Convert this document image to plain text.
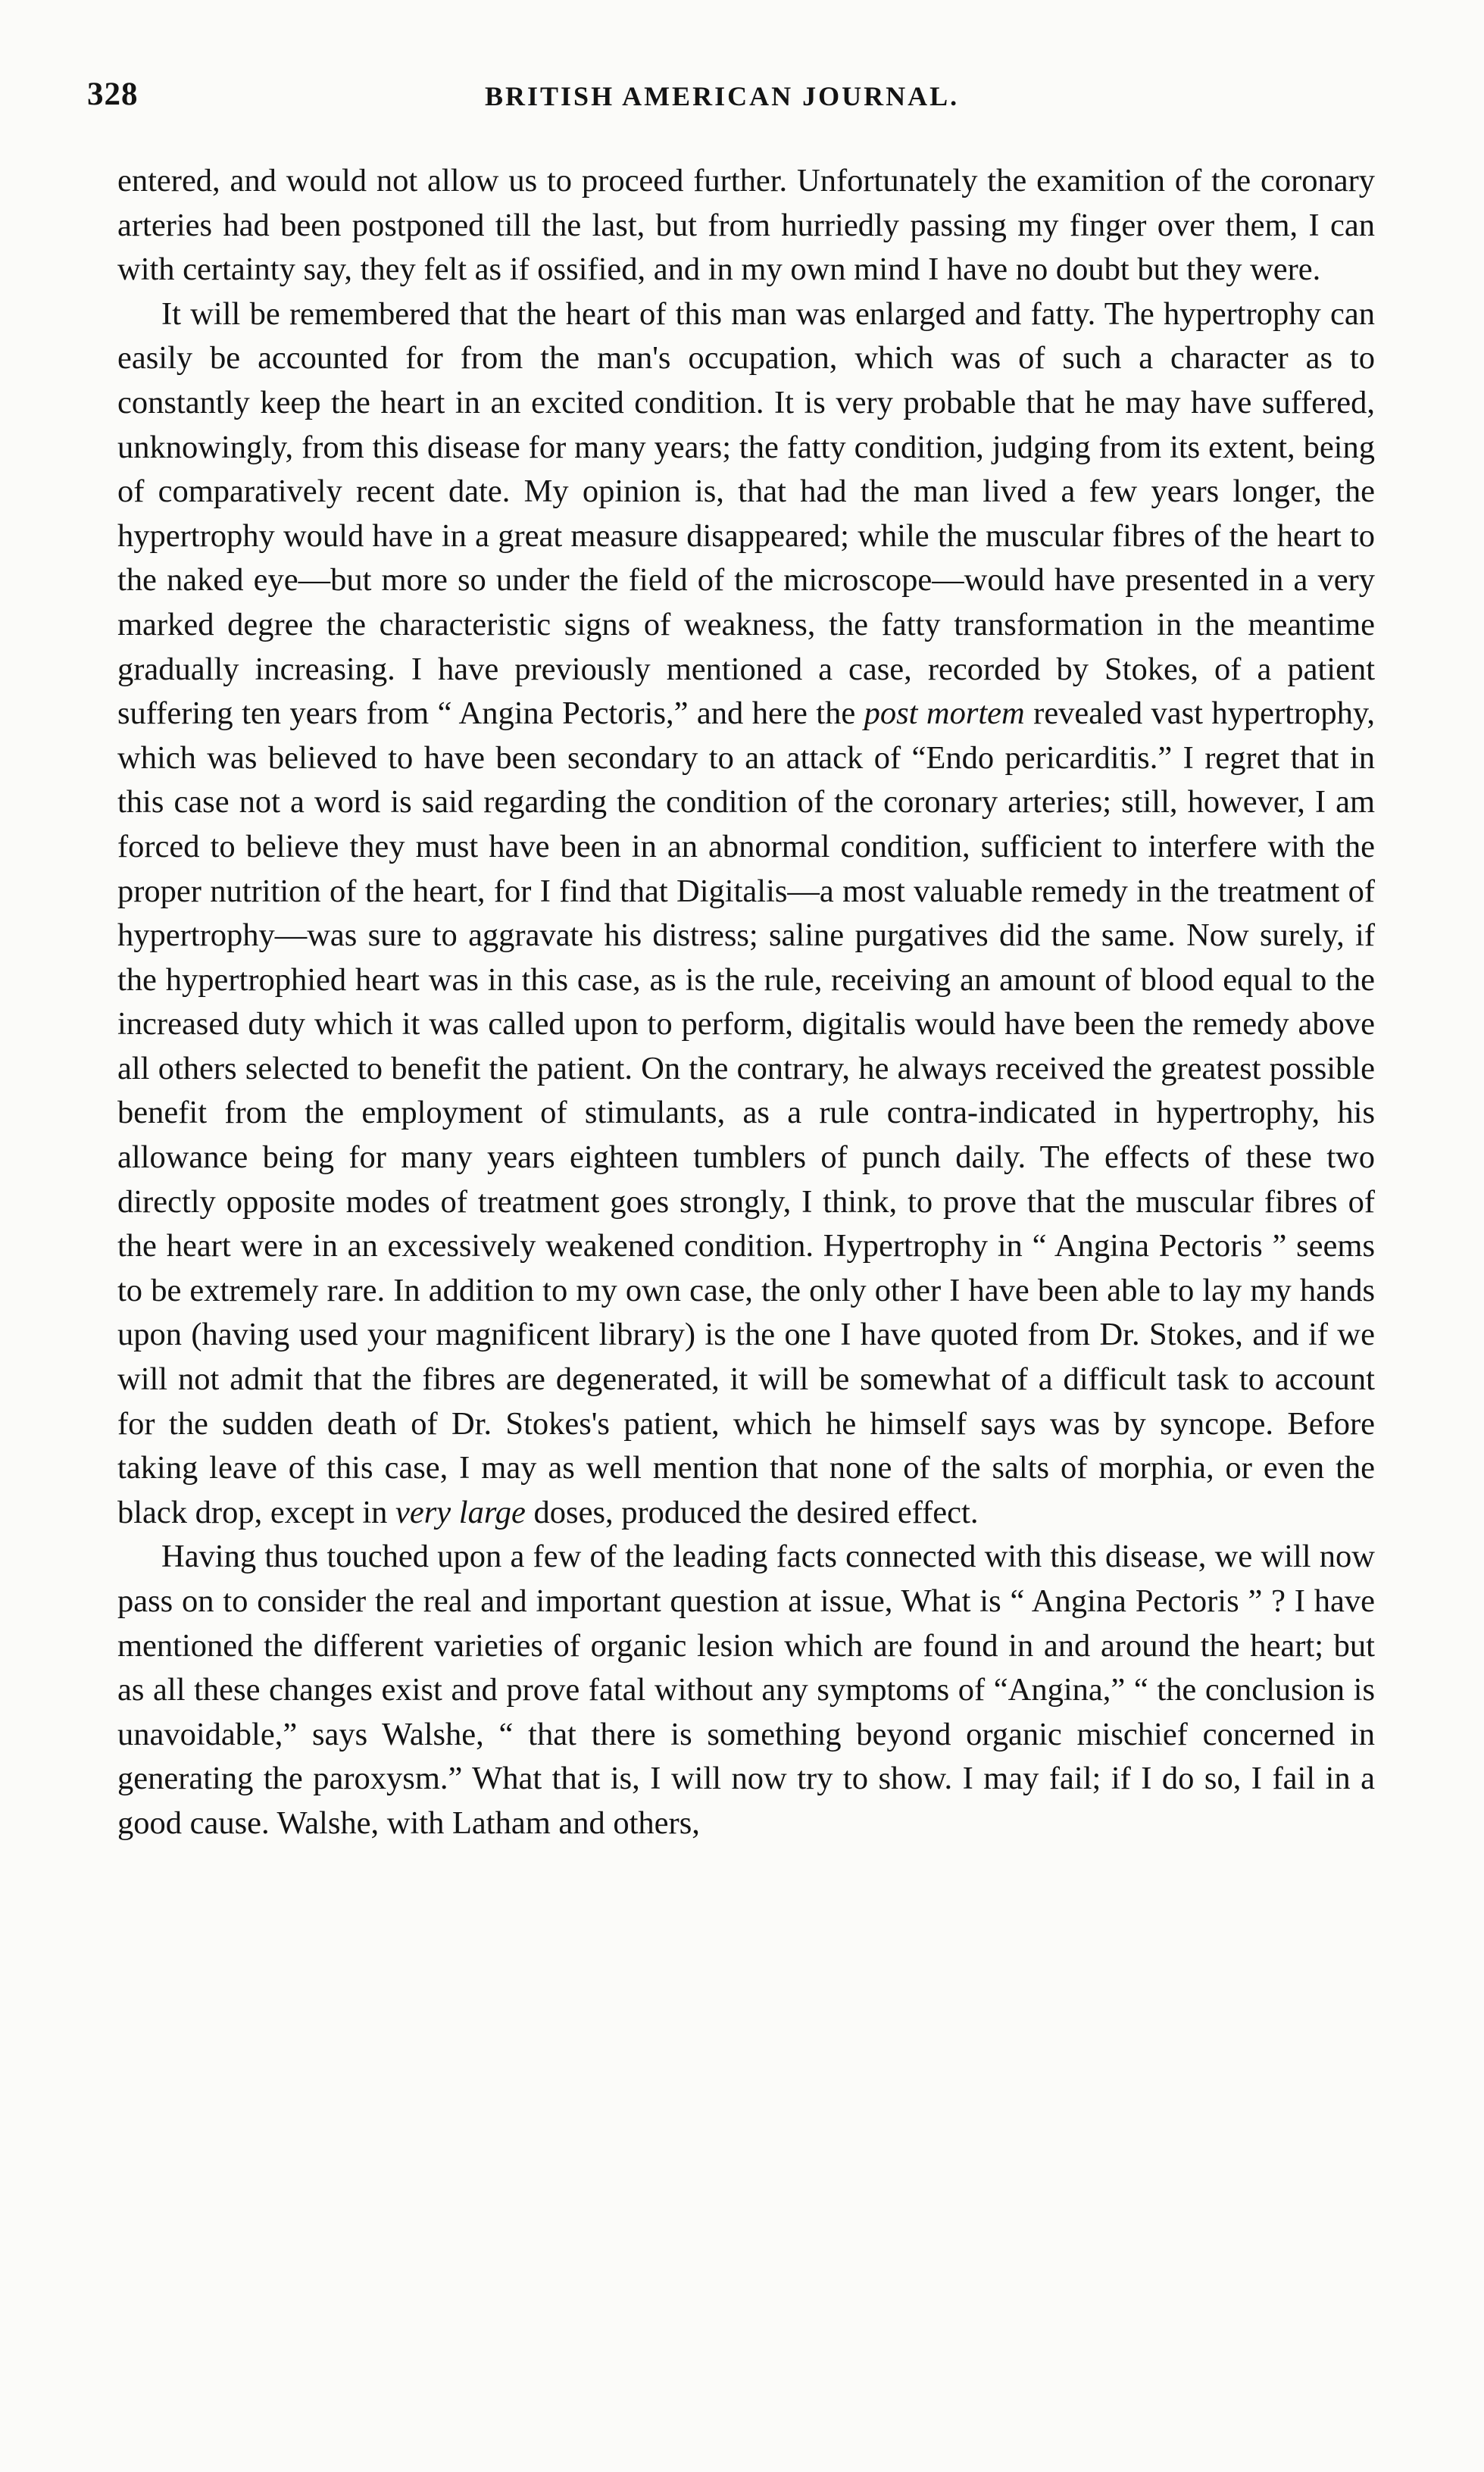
328	BRITISH AMERICAN JOURNAL.

entered, and would not allow us to proceed further. Unfortunately the examition of the coronary arteries had been postponed till the last, but from hurriedly passing my finger over them, I can with certainty say, they felt as if ossified, and in my own mind I have no doubt but they were.

It will be remembered that the heart of this man was enlarged and fatty. The hypertrophy can easily be accounted for from the man's occupation, which was of such a character as to constantly keep the heart in an excited condition. It is very probable that he may have suffered, unknowingly, from this disease for many years; the fatty condition, judging from its extent, being of comparatively recent date. My opinion is, that had the man lived a few years longer, the hypertrophy would have in a great measure disappeared; while the muscular fibres of the heart to the naked eye—but more so under the field of the microscope—would have presented in a very marked degree the characteristic signs of weakness, the fatty transformation in the meantime gradually increasing. I have previously mentioned a case, recorded by Stokes, of a patient suffering ten years from “ Angina Pectoris,” and here the post mortem revealed vast hypertrophy, which was believed to have been secondary to an attack of “Endo pericarditis.” I regret that in this case not a word is said regarding the condition of the coronary arteries; still, however, I am forced to believe they must have been in an abnormal condition, sufficient to interfere with the proper nutrition of the heart, for I find that Digitalis—a most valuable remedy in the treatment of hypertrophy—was sure to aggravate his distress; saline purgatives did the same. Now surely, if the hypertrophied heart was in this case, as is the rule, receiving an amount of blood equal to the increased duty which it was called upon to perform, digitalis would have been the remedy above all others selected to benefit the patient. On the contrary, he always received the greatest possible benefit from the employment of stimulants, as a rule contra-indicated in hypertrophy, his allowance being for many years eighteen tumblers of punch daily. The effects of these two directly opposite modes of treatment goes strongly, I think, to prove that the muscular fibres of the heart were in an excessively weakened condition. Hypertrophy in “ Angina Pectoris ” seems to be extremely rare. In addition to my own case, the only other I have been able to lay my hands upon (having used your magnificent library) is the one I have quoted from Dr. Stokes, and if we will not admit that the fibres are degenerated, it will be somewhat of a difficult task to account for the sudden death of Dr. Stokes's patient, which he himself says was by syncope. Before taking leave of this case, I may as well mention that none of the salts of morphia, or even the black drop, except in very large doses, produced the desired effect.

Having thus touched upon a few of the leading facts connected with this disease, we will now pass on to consider the real and important question at issue, What is “ Angina Pectoris ” ? I have mentioned the different varieties of organic lesion which are found in and around the heart; but as all these changes exist and prove fatal without any symptoms of “Angina,” “ the conclusion is unavoidable,” says Walshe, “ that there is something beyond organic mischief concerned in generating the paroxysm.” What that is, I will now try to show. I may fail; if I do so, I fail in a good cause. Walshe, with Latham and others,
